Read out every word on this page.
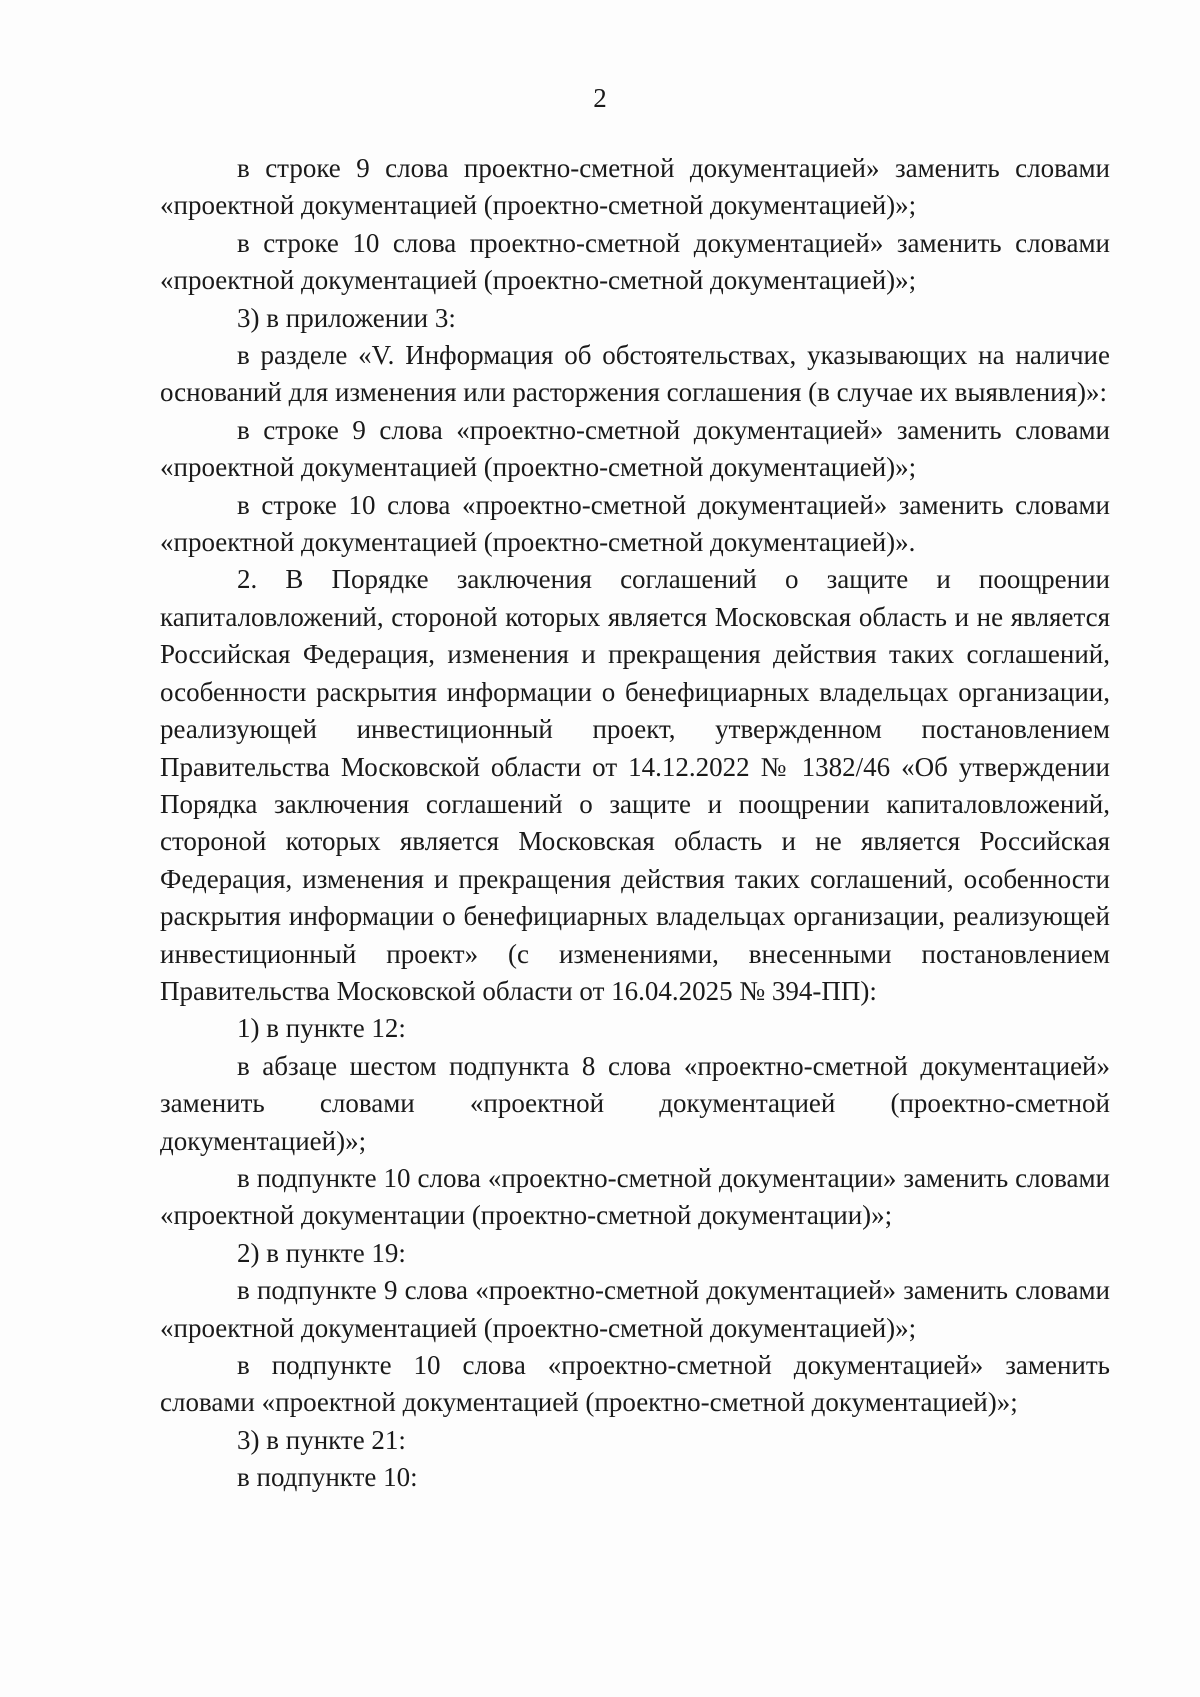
2

в строке 9 слова проектно-сметной документацией» заменить словами «проектной документацией (проектно-сметной документацией)»;

в строке 10 слова проектно-сметной документацией» заменить словами «проектной документацией (проектно-сметной документацией)»;

3) в приложении 3:

в разделе «V. Информация об обстоятельствах, указывающих на наличие оснований для изменения или расторжения соглашения (в случае их выявления)»:

в строке 9 слова «проектно-сметной документацией» заменить словами «проектной документацией (проектно-сметной документацией)»;

в строке 10 слова «проектно-сметной документацией» заменить словами «проектной документацией (проектно-сметной документацией)».

2. В Порядке заключения соглашений о защите и поощрении капиталовложений, стороной которых является Московская область и не является Российская Федерация, изменения и прекращения действия таких соглашений, особенности раскрытия информации о бенефициарных владельцах организации, реализующей инвестиционный проект, утвержденном постановлением Правительства Московской области от 14.12.2022 № 1382/46 «Об утверждении Порядка заключения соглашений о защите и поощрении капиталовложений, стороной которых является Московская область и не является Российская Федерация, изменения и прекращения действия таких соглашений, особенности раскрытия информации о бенефициарных владельцах организации, реализующей инвестиционный проект» (с изменениями, внесенными постановлением Правительства Московской области от 16.04.2025 № 394-ПП):

1) в пункте 12:

в абзаце шестом подпункта 8 слова «проектно-сметной документацией» заменить словами «проектной документацией (проектно-сметной документацией)»;

в подпункте 10 слова «проектно-сметной документации» заменить словами «проектной документации (проектно-сметной документации)»;

2) в пункте 19:

в подпункте 9 слова «проектно-сметной документацией» заменить словами «проектной документацией (проектно-сметной документацией)»;

в подпункте 10 слова «проектно-сметной документацией» заменить словами «проектной документацией (проектно-сметной документацией)»;

3) в пункте 21:

в подпункте 10:
